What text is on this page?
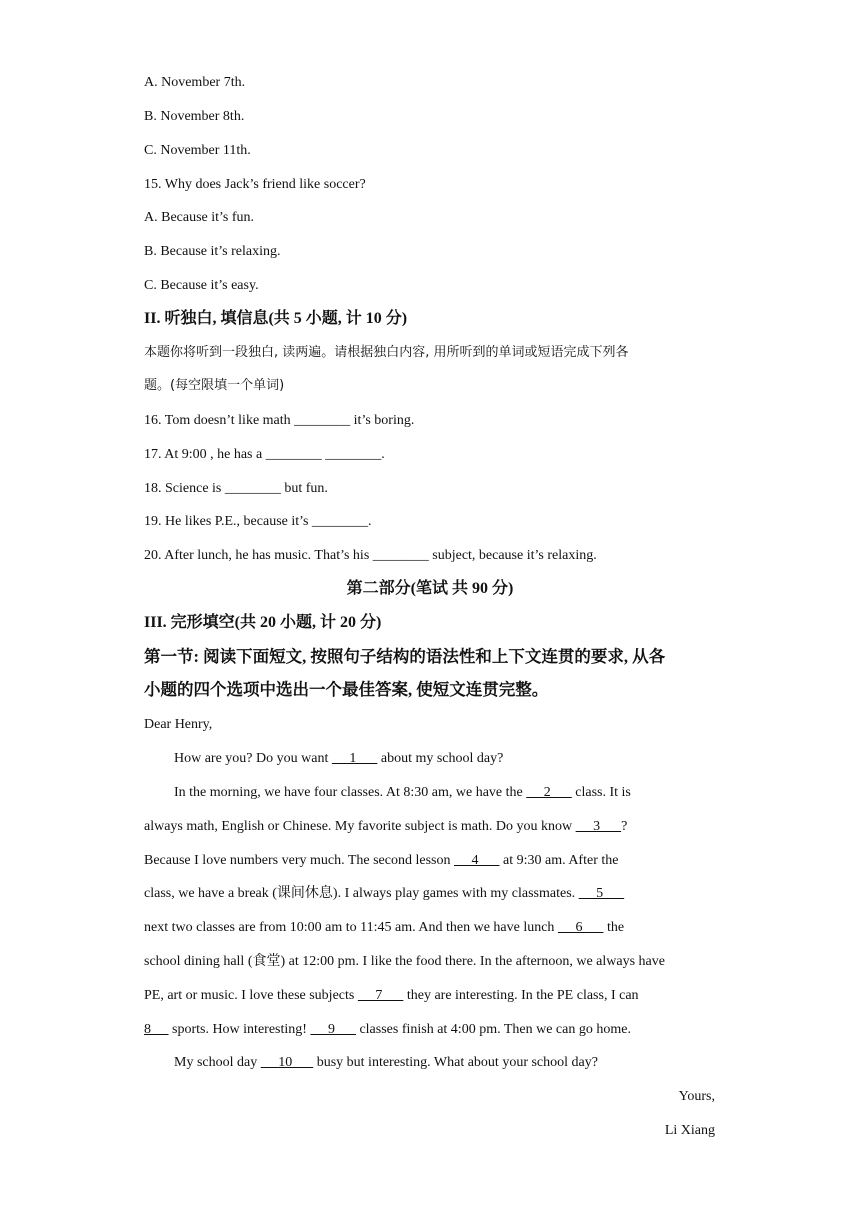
A. November 7th.
B. November 8th.
C. November 11th.
15. Why does Jack’s friend like soccer?
A. Because it’s fun.
B. Because it’s relaxing.
C. Because it’s easy.
II. 听独白, 填信息(共 5 小题, 计 10 分)
本题你将听到一段独白, 读两遍。请根据独白内容, 用所听到的单词或短语完成下列各
题。(每空限填一个单词)
16. Tom doesn’t like math ________ it’s boring.
17. At 9:00 , he has a ________ ________.
18. Science is ________ but fun.
19. He likes P.E., because it’s ________.
20. After lunch, he has music. That’s his ________ subject, because it’s relaxing.
第二部分(笔试 共 90 分)
III. 完形填空(共 20 小题, 计 20 分)
第一节: 阅读下面短文, 按照句子结构的语法性和上下文连贯的要求, 从各
小题的四个选项中选出一个最佳答案, 使短文连贯完整。
Dear Henry,
How are you? Do you want      1       about my school day?
In the morning, we have four classes. At 8:30 am, we have the      2       class. It is
always math, English or Chinese. My favorite subject is math. Do you know      3      ?
Because I love numbers very much. The second lesson      4       at 9:30 am. After the
class, we have a break (课间休息). I always play games with my classmates.      5
next two classes are from 10:00 am to 11:45 am. And then we have lunch      6       the
school dining hall (食堂) at 12:00 pm. I like the food there. In the afternoon, we always have
PE, art or music. I love these subjects      7       they are interesting. In the PE class, I can
8      sports. How interesting!      9       classes finish at 4:00 pm. Then we can go home.
My school day      10       busy but interesting. What about your school day?
Yours,
Li Xiang
